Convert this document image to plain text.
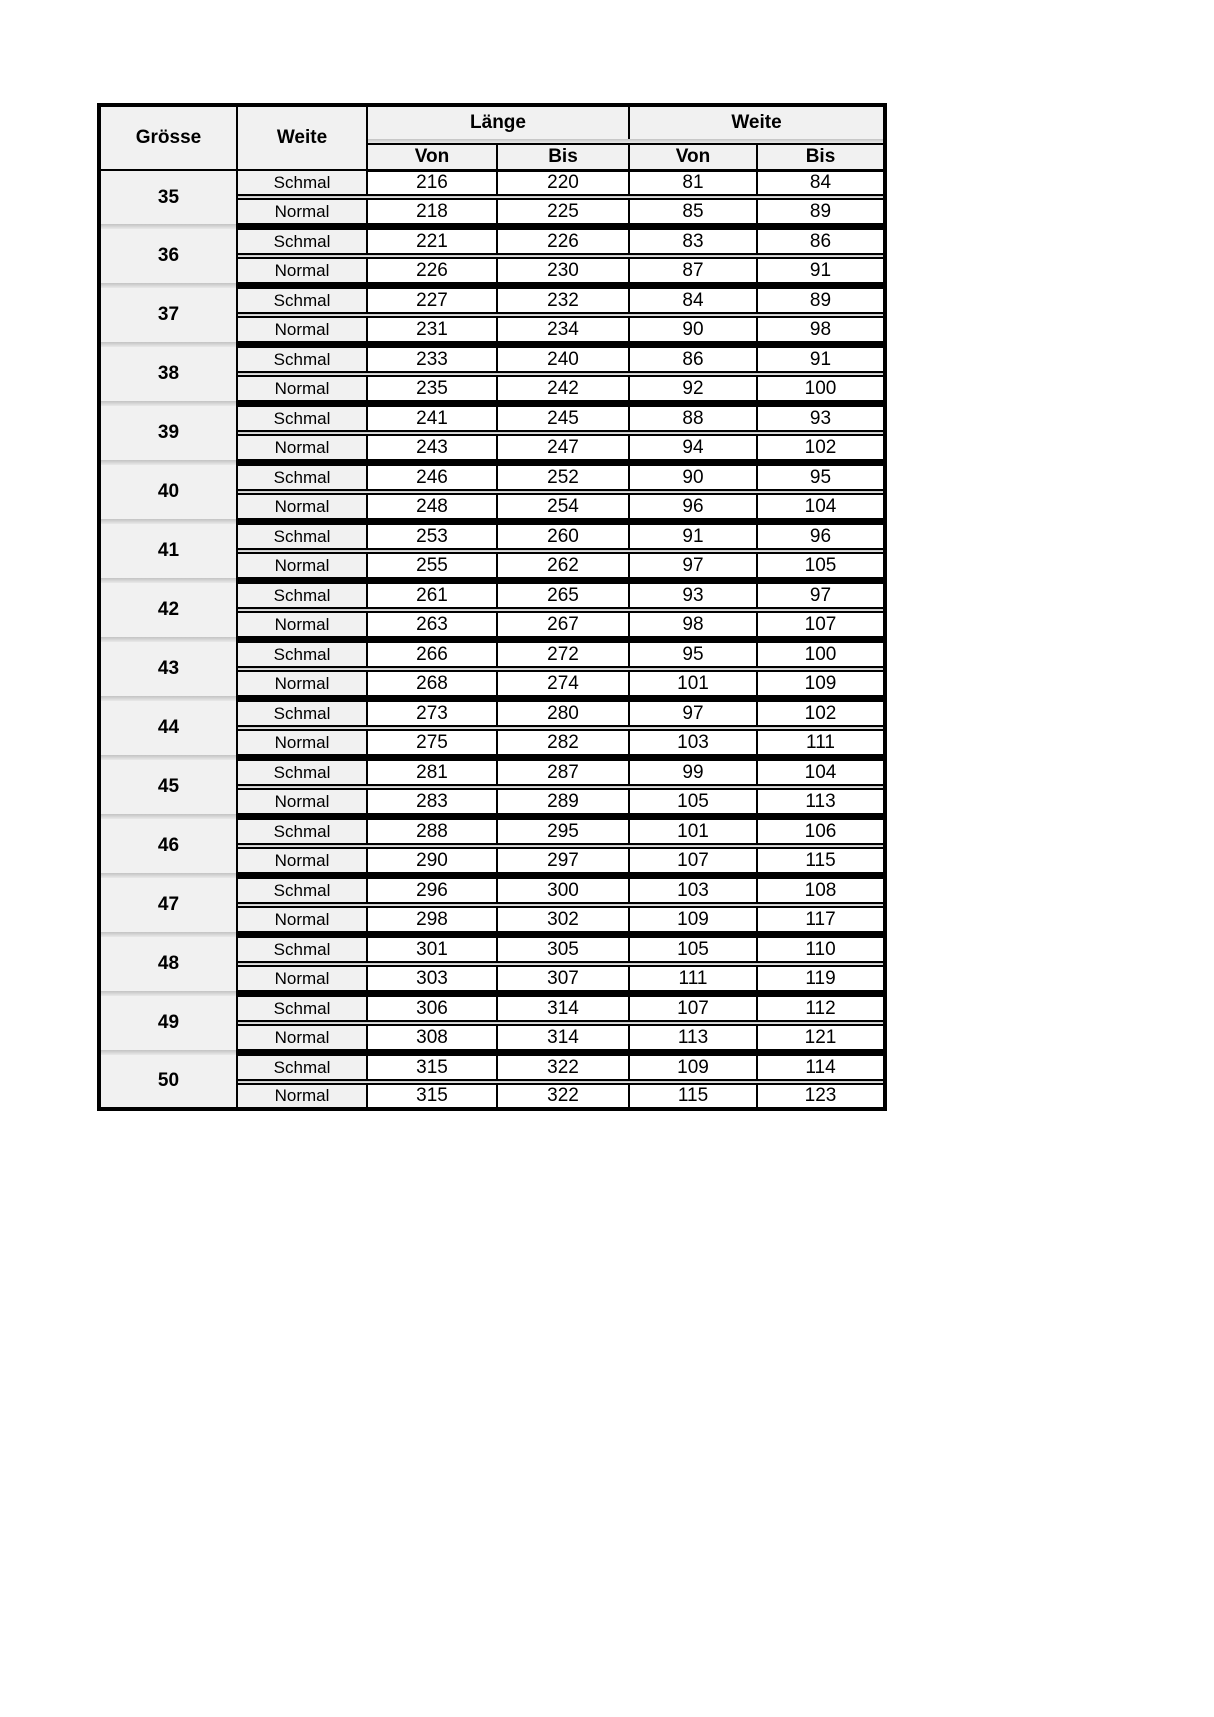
Grösse	Weite	Länge		Weite	

		Von	Bis	Von	Bis
35	Schmal	216	220	81	84

	Normal	218	225	85	89

36	Schmal	221	226	83	86

	Normal	226	230	87	91

37	Schmal	227	232	84	89

	Normal	231	234	90	98

38	Schmal	233	240	86	91

	Normal	235	242	92	100

39	Schmal	241	245	88	93

	Normal	243	247	94	102

40	Schmal	246	252	90	95

	Normal	248	254	96	104

41	Schmal	253	260	91	96

	Normal	255	262	97	105

42	Schmal	261	265	93	97

	Normal	263	267	98	107

43	Schmal	266	272	95	100

	Normal	268	274	101	109

44	Schmal	273	280	97	102

	Normal	275	282	103	111

45	Schmal	281	287	99	104

	Normal	283	289	105	113

46	Schmal	288	295	101	106

	Normal	290	297	107	115

47	Schmal	296	300	103	108

	Normal	298	302	109	117

48	Schmal	301	305	105	110

	Normal	303	307	111	119

49	Schmal	306	314	107	112

	Normal	308	314	113	121

50	Schmal	315	322	109	114

	Normal	315	322	115	123
